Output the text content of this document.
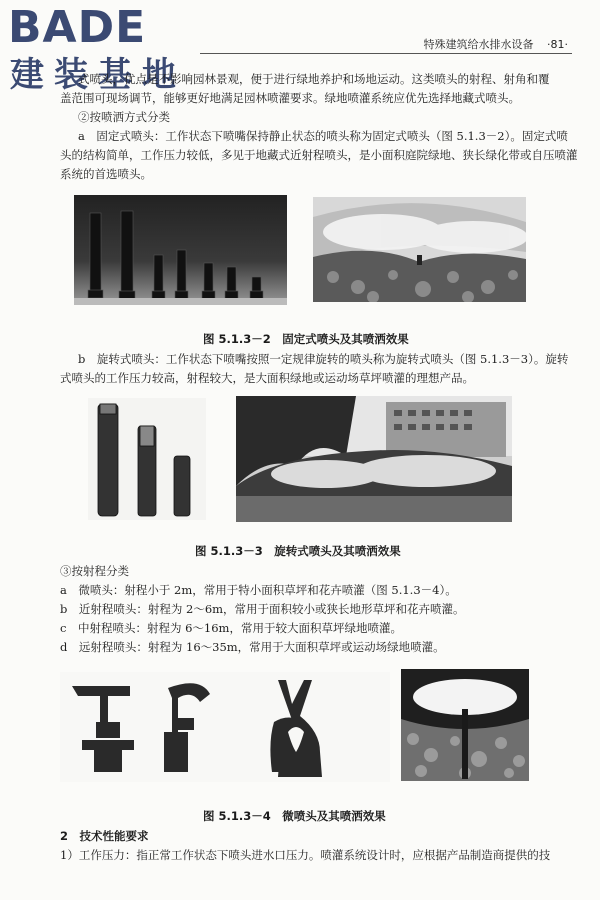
BADE
建装基地
特殊建筑给水排水设备 ·81·

式喷头，优点是不影响园林景观，便于进行绿地养护和场地运动。这类喷头的射程、射角和覆

盖范围可现场调节，能够更好地满足园林喷灌要求。绿地喷灌系统应优先选择地藏式喷头。

②按喷洒方式分类

a　固定式喷头：工作状态下喷嘴保持静止状态的喷头称为固定式喷头（图 5.1.3－2）。固定式喷

头的结构简单，工作压力较低，多见于地藏式近射程喷头，是小面积庭院绿地、狭长绿化带或自压喷灌

系统的首选喷头。

图 5.1.3－2　固定式喷头及其喷洒效果

b　旋转式喷头：工作状态下喷嘴按照一定规律旋转的喷头称为旋转式喷头（图 5.1.3－3）。旋转

式喷头的工作压力较高，射程较大，是大面积绿地或运动场草坪喷灌的理想产品。

图 5.1.3－3　旋转式喷头及其喷洒效果

③按射程分类

a　微喷头：射程小于 2m，常用于特小面积草坪和花卉喷灌（图 5.1.3－4）。

b　近射程喷头：射程为 2～6m，常用于面积较小或狭长地形草坪和花卉喷灌。

c　中射程喷头：射程为 6～16m，常用于较大面积草坪绿地喷灌。

d　远射程喷头：射程为 16～35m，常用于大面积草坪或运动场绿地喷灌。

图 5.1.3－4　微喷头及其喷洒效果

2　技术性能要求

1）工作压力：指正常工作状态下喷头进水口压力。喷灌系统设计时，应根据产品制造商提供的技
